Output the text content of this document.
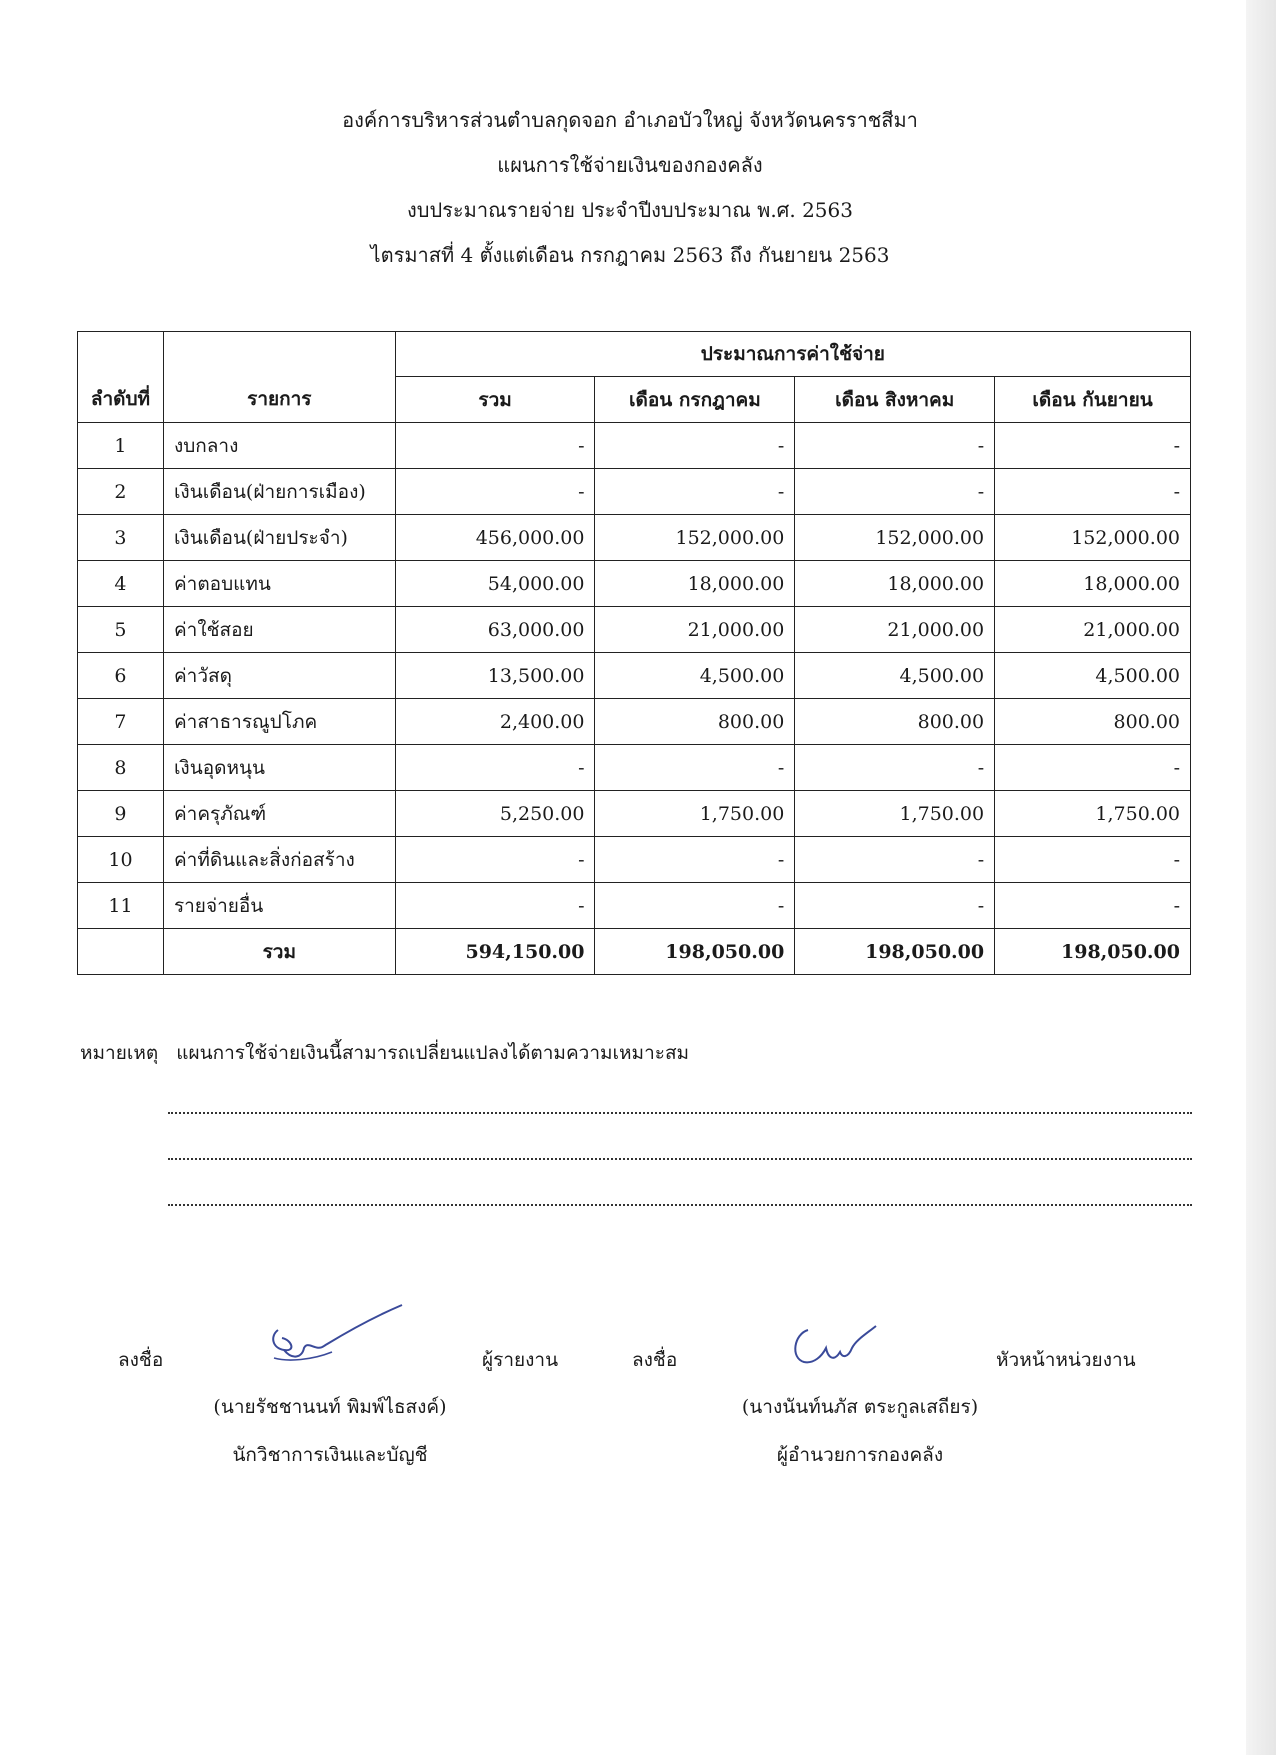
องค์การบริหารส่วนตำบลกุดจอก อำเภอบัวใหญ่ จังหวัดนครราชสีมา
แผนการใช้จ่ายเงินของกองคลัง
งบประมาณรายจ่าย ประจำปีงบประมาณ พ.ศ. 2563
ไตรมาสที่ 4 ตั้งแต่เดือน กรกฎาคม 2563 ถึง กันยายน 2563
ลำดับที่	รายการ	ประมาณการค่าใช้จ่าย			
		รวม	เดือน กรกฎาคม	เดือน สิงหาคม	เดือน กันยายน
1	งบกลาง	-	-	-	-
2	เงินเดือน(ฝ่ายการเมือง)	-	-	-	-
3	เงินเดือน(ฝ่ายประจำ)	456,000.00	152,000.00	152,000.00	152,000.00
4	ค่าตอบแทน	54,000.00	18,000.00	18,000.00	18,000.00
5	ค่าใช้สอย	63,000.00	21,000.00	21,000.00	21,000.00
6	ค่าวัสดุ	13,500.00	4,500.00	4,500.00	4,500.00
7	ค่าสาธารณูปโภค	2,400.00	800.00	800.00	800.00
8	เงินอุดหนุน	-	-	-	-
9	ค่าครุภัณฑ์	5,250.00	1,750.00	1,750.00	1,750.00
10	ค่าที่ดินและสิ่งก่อสร้าง	-	-	-	-
11	รายจ่ายอื่น	-	-	-	-
	รวม	594,150.00	198,050.00	198,050.00	198,050.00
หมายเหตุ แผนการใช้จ่ายเงินนี้สามารถเปลี่ยนแปลงได้ตามความเหมาะสม
ลงชื่อ	ผู้รายงาน
(นายรัชชานนท์ พิมพ์ไธสงค์)
นักวิชาการเงินและบัญชี
ลงชื่อ	หัวหน้าหน่วยงาน
(นางนันท์นภัส ตระกูลเสถียร)
ผู้อำนวยการกองคลัง
